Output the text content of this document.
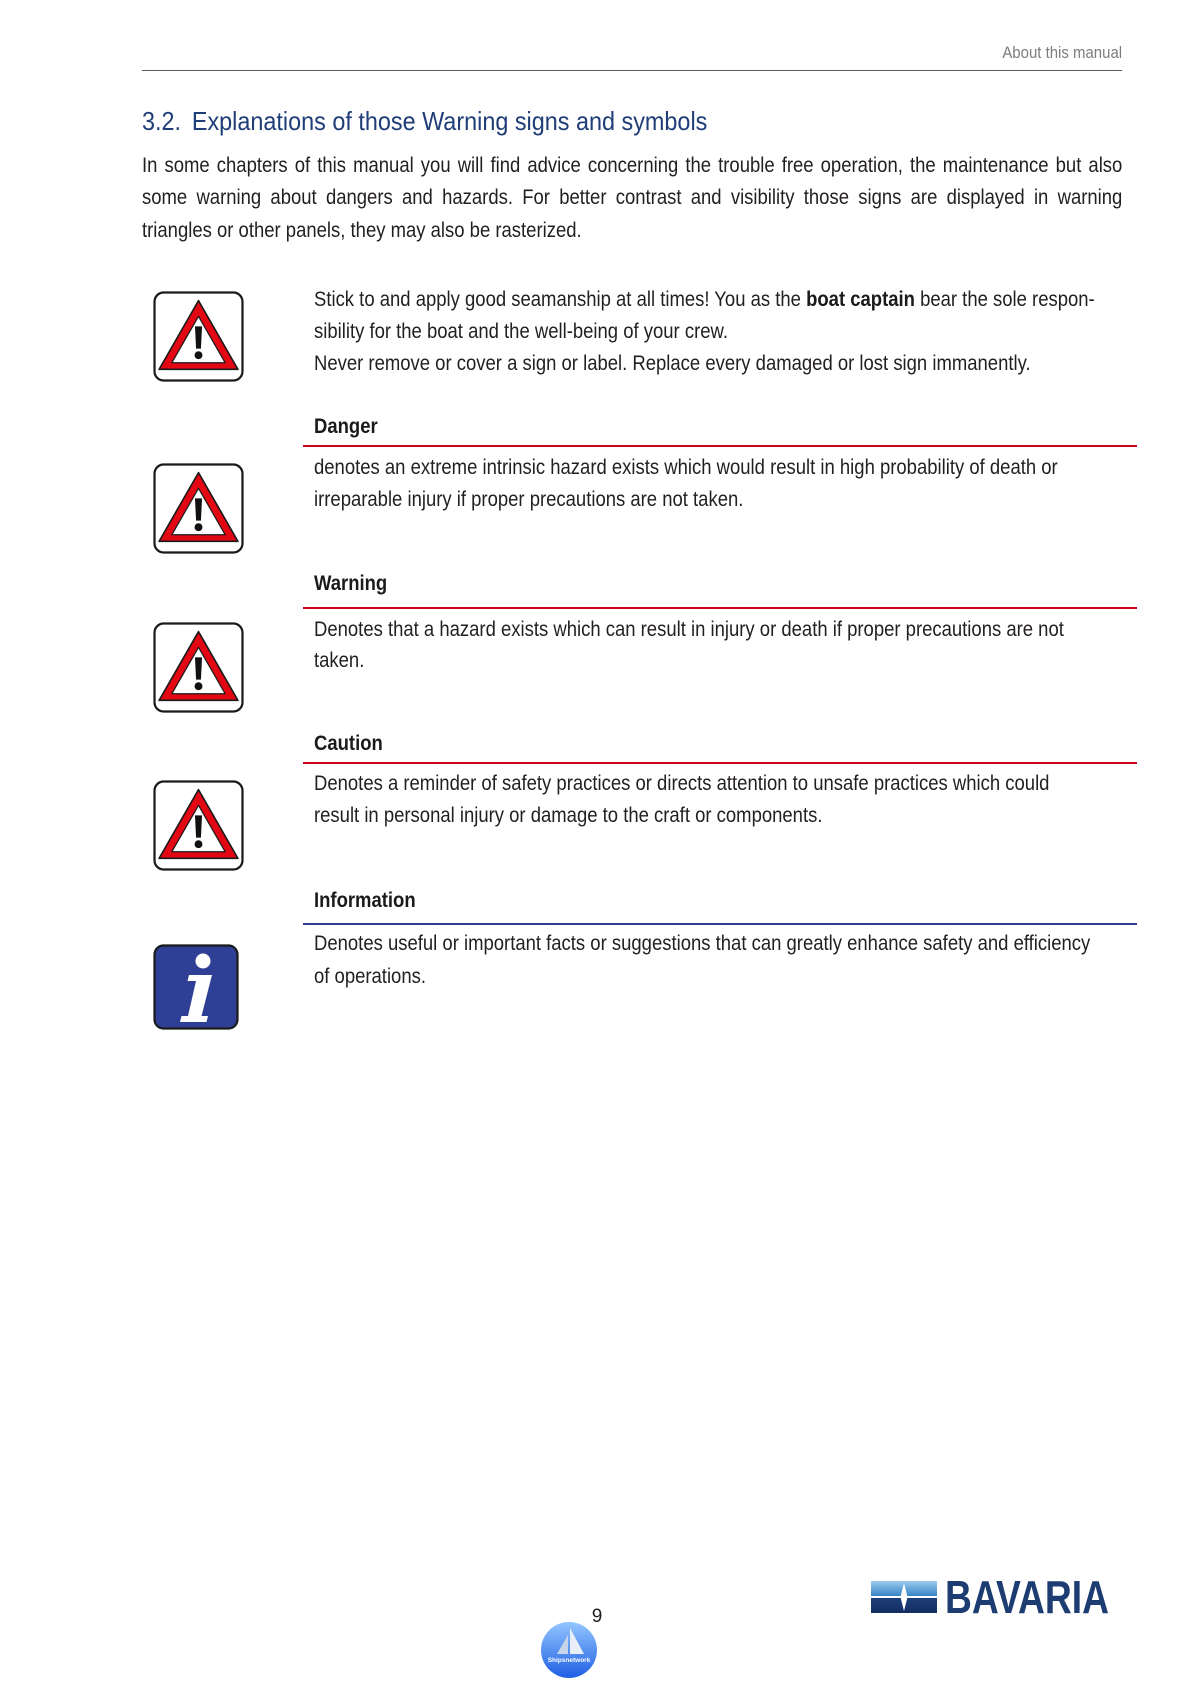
About this manual
3.2. Explanations of those Warning signs and symbols
In some chapters of this manual you will find advice concerning the trouble free operation, the maintenance but also
some warning about dangers and hazards. For better contrast and visibility those signs are displayed in warning
triangles or other panels, they may also be rasterized.
Stick to and apply good seamanship at all times! You as the boat captain bear the sole respon-
sibility for the boat and the well-being of your crew.
Never remove or cover a sign or label. Replace every damaged or lost sign immanently.
Danger
denotes an extreme intrinsic hazard exists which would result in high probability of death or
irreparable injury if proper precautions are not taken.
Warning
Denotes that a hazard exists which can result in injury or death if proper precautions are not
taken.
Caution
Denotes a reminder of safety practices or directs attention to unsafe practices which could
result in personal injury or damage to the craft or components.
Information
Denotes useful or important facts or suggestions that can greatly enhance safety and efficiency
of operations.
9	BAVARIA
Shipsnetwork
